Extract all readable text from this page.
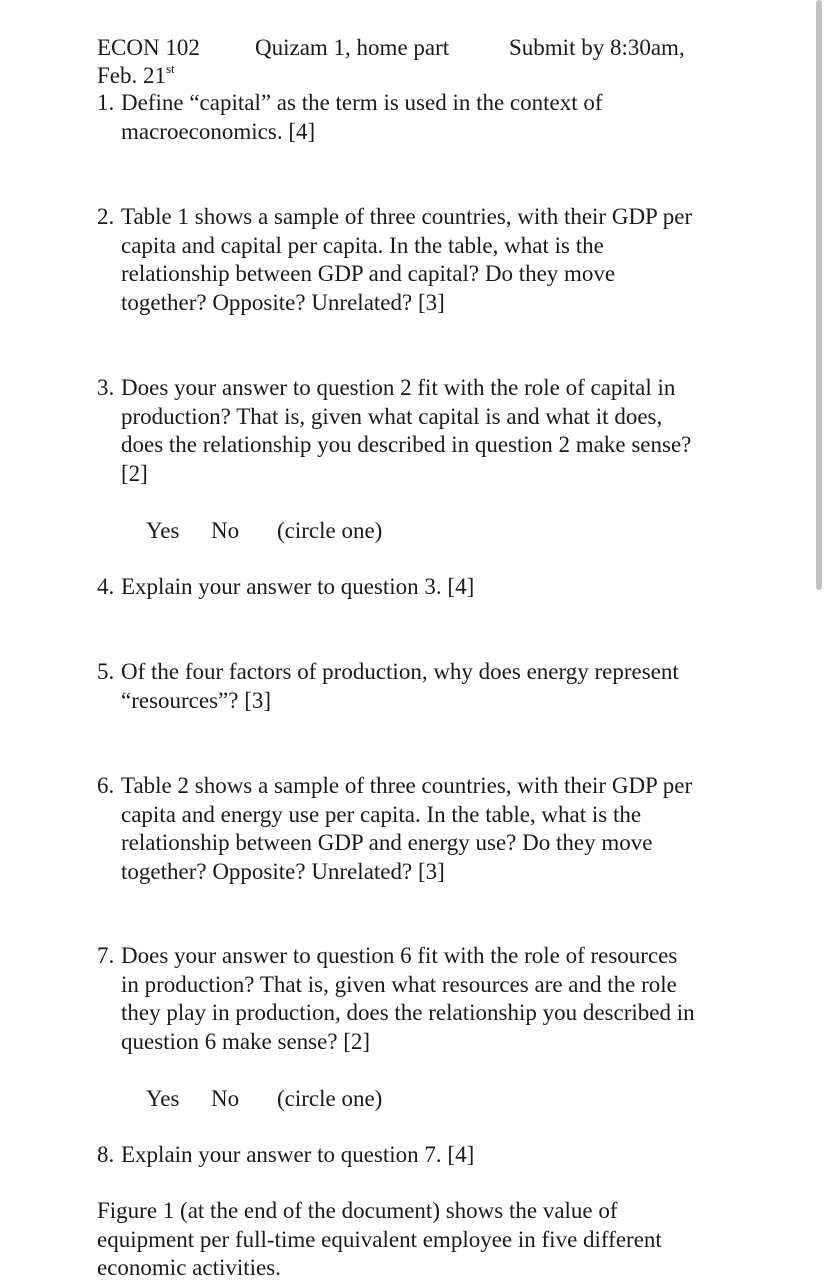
ECON 102 Quizam 1, home part	Submit by 8:30am,
Feb. 21st
1. Define “capital” as the term is used in the context of
macroeconomics. [4]
2. Table 1 shows a sample of three countries, with their GDP per
capita and capital per capita. In the table, what is the
relationship between GDP and capital? Do they move
together? Opposite? Unrelated? [3]
3. Does your answer to question 2 fit with the role of capital in
production? That is, given what capital is and what it does,
does the relationship you described in question 2 make sense?
[2]
Yes No (circle one)
4. Explain your answer to question 3. [4]
5. Of the four factors of production, why does energy represent
“resources”? [3]
6. Table 2 shows a sample of three countries, with their GDP per
capita and energy use per capita. In the table, what is the
relationship between GDP and energy use? Do they move
together? Opposite? Unrelated? [3]
7. Does your answer to question 6 fit with the role of resources
in production? That is, given what resources are and the role
they play in production, does the relationship you described in
question 6 make sense? [2]
Yes No (circle one)
8. Explain your answer to question 7. [4]
Figure 1 (at the end of the document) shows the value of
equipment per full-time equivalent employee in five different
economic activities.
